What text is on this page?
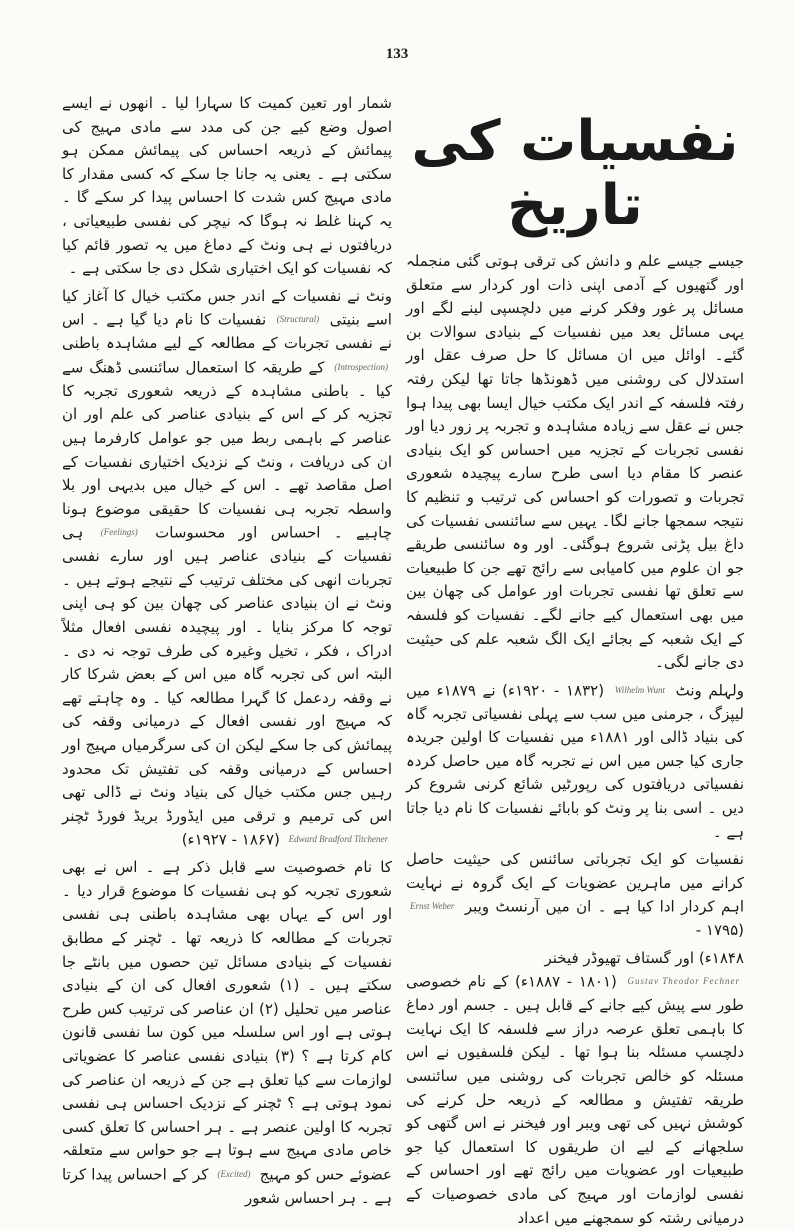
133
نفسیات کی تاریخ

جیسے جیسے علم و دانش کی ترقی ہوتی گئی منجملہ اور گتھیوں کے آدمی اپنی ذات اور کردار سے متعلق مسائل پر غور وفکر کرنے میں دلچسپی لینے لگے اور یہی مسائل بعد میں نفسیات کے بنیادی سوالات بن گئے۔ اوائل میں ان مسائل کا حل صرف عقل اور استدلال کی روشنی میں ڈھونڈھا جاتا تھا لیکن رفتہ رفتہ فلسفہ کے اندر ایک مکتب خیال ایسا بھی پیدا ہوا جس نے عقل سے زیادہ مشاہدہ و تجربہ پر زور دیا اور نفسی تجربات کے تجزیہ میں احساس کو ایک بنیادی عنصر کا مقام دیا اسی طرح سارے پیچیدہ شعوری تجربات و تصورات کو احساس کی ترتیب و تنظیم کا نتیجہ سمجھا جانے لگا۔ یہیں سے سائنسی نفسیات کی داغ بیل پڑنی شروع ہوگئی۔ اور وہ سائنسی طریقے جو ان علوم میں کامیابی سے رائج تھے جن کا طبیعیات سے تعلق تھا نفسی تجربات اور عوامل کی چھان بین میں بھی استعمال کیے جانے لگے۔ نفسیات کو فلسفہ کے ایک شعبہ کے بجائے ایک الگ شعبہ علم کی حیثیت دی جانے لگی۔

ولہلم ونٹ Wilhelm Wunt (۱۸۳۲ - ۱۹۲۰ء) نے ۱۸۷۹ء میں لیپزگ ، جرمنی میں سب سے پہلی نفسیاتی تجربہ گاہ کی بنیاد ڈالی اور ۱۸۸۱ء میں نفسیات کا اولین جریدہ جاری کیا جس میں اس نے تجربہ گاہ میں حاصل کردہ نفسیاتی دریافتوں کی رپورٹیں شائع کرنی شروع کر دیں ۔ اسی بنا پر ونٹ کو بابائے نفسیات کا نام دیا جاتا ہے ۔

نفسیات کو ایک تجرباتی سائنس کی حیثیت حاصل کرانے میں ماہرین عضویات کے ایک گروہ نے نہایت اہم کردار ادا کیا ہے ۔ ان میں آرنسٹ ویبر Ernst Weber (۱۷۹۵ -

۱۸۴۸ء) اور گستاف تھیوڈر فیخنر
Gustav Theodor Fechner (۱۸۰۱ - ۱۸۸۷ء) کے نام خصوصی طور سے پیش کیے جانے کے قابل ہیں ۔ جسم اور دماغ کا باہمی تعلق عرصہ دراز سے فلسفہ کا ایک نہایت دلچسپ مسئلہ بنا ہوا تھا ۔ لیکن فلسفیوں نے اس مسئلہ کو خالص تجربات کی روشنی میں سائنسی طریقہ تفتیش و مطالعہ کے ذریعہ حل کرنے کی کوشش نہیں کی تھی ویبر اور فیخنر نے اس گتھی کو سلجھانے کے لیے ان طریقوں کا استعمال کیا جو طبیعیات اور عضویات میں رائج تھے اور احساس کے نفسی لوازمات اور مہیج کی مادی خصوصیات کے درمیانی رشتہ کو سمجھنے میں اعداد

شمار اور تعین کمیت کا سہارا لیا ۔ انھوں نے ایسے اصول وضع کیے جن کی مدد سے مادی مہیج کی پیمائش کے ذریعہ احساس کی پیمائش ممکن ہو سکتی ہے ۔ یعنی یہ جانا جا سکے کہ کسی مقدار کا مادی مہیج کس شدت کا احساس پیدا کر سکے گا ۔ یہ کہنا غلط نہ ہوگا کہ نیچر کی نفسی طبیعیاتی ، دریافتوں نے ہی ونٹ کے دماغ میں یہ تصور قائم کیا کہ نفسیات کو ایک اختیاری شکل دی جا سکتی ہے ۔

ونٹ نے نفسیات کے اندر جس مکتب خیال کا آغاز کیا اسے بنیتی (Structural) نفسیات کا نام دیا گیا ہے ۔ اس نے نفسی تجربات کے مطالعہ کے لیے مشاہدہ باطنی (Introspection) کے طریقہ کا استعمال سائنسی ڈھنگ سے کیا ۔ باطنی مشاہدہ کے ذریعہ شعوری تجربہ کا تجزیہ کر کے اس کے بنیادی عناصر کی علم اور ان عناصر کے باہمی ربط میں جو عوامل کارفرما ہیں ان کی دریافت ، ونٹ کے نزدیک اختیاری نفسیات کے اصل مقاصد تھے ۔ اس کے خیال میں بدیہی اور بلا واسطہ تجربہ ہی نفسیات کا حقیقی موضوع ہونا چاہیے ۔ احساس اور محسوسات (Feelings) ہی نفسیات کے بنیادی عناصر ہیں اور سارے نفسی تجربات انھی کی مختلف ترتیب کے نتیجے ہوتے ہیں ۔ ونٹ نے ان بنیادی عناصر کی چھان بین کو ہی اپنی توجہ کا مرکز بنایا ۔ اور پیچیدہ نفسی افعال مثلاً ادراک ، فکر ، تخیل وغیرہ کی طرف توجہ نہ دی ۔ البتہ اس کی تجربہ گاہ میں اس کے بعض شرکا کار نے وقفہ ردعمل کا گہرا مطالعہ کیا ۔ وہ چاہتے تھے کہ مہیج اور نفسی افعال کے درمیانی وقفہ کی پیمائش کی جا سکے لیکن ان کی سرگرمیاں مہیج اور احساس کے درمیانی وقفہ کی تفتیش تک محدود رہیں جس مکتب خیال کی بنیاد ونٹ نے ڈالی تھی اس کی ترمیم و ترقی میں ایڈورڈ بریڈ فورڈ ٹچنر Edward Bradford Titchener (۱۸۶۷ - ۱۹۲۷ء)

کا نام خصوصیت سے قابل ذکر ہے ۔ اس نے بھی شعوری تجربہ کو ہی نفسیات کا موضوع قرار دیا ۔ اور اس کے یہاں بھی مشاہدہ باطنی ہی نفسی تجربات کے مطالعہ کا ذریعہ تھا ۔ ٹچنر کے مطابق نفسیات کے بنیادی مسائل تین حصوں میں بانٹے جا سکتے ہیں ۔ (۱) شعوری افعال کی ان کے بنیادی عناصر میں تحلیل (۲) ان عناصر کی ترتیب کس طرح ہوتی ہے اور اس سلسلہ میں کون سا نفسی قانون کام کرتا ہے ؟ (۳) بنیادی نفسی عناصر کا عضویاتی لوازمات سے کیا تعلق ہے جن کے ذریعہ ان عناصر کی نمود ہوتی ہے ؟ ٹچنر کے نزدیک احساس ہی نفسی تجربہ کا اولین عنصر ہے ۔ ہر احساس کا تعلق کسی خاص مادی مہیج سے ہوتا ہے جو حواس سے متعلقہ عضوئے حس کو مہیج (Excited) کر کے احساس پیدا کرتا ہے ۔ ہر احساس شعور
